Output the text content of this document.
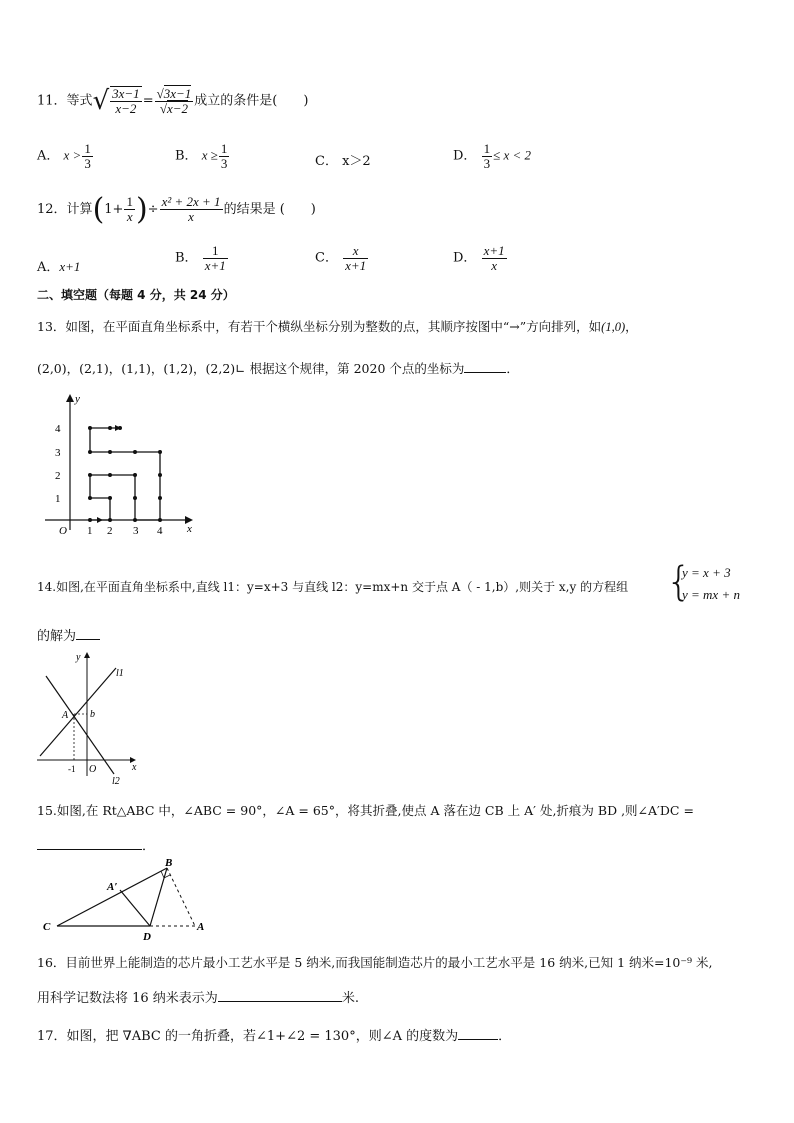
11．等式√ $\frac{3x-1}{x-2} = \frac{√3x-1}{√x-2}$ 成立的条件是(　　)
A． $x > \frac{1}{3}$	B． $x \ge \frac{1}{3}$	C． x＞2	D． $\frac{1}{3} \le x < 2$
12．计算($1+ \frac{1}{x}$ )÷ $\frac{\text{x² + 2x + 1}}{x}$ 的结果是 (　　)
A．x+1
B． $\frac{1}{x+1}$	C． $\frac{x}{x+1}$	D． $\frac{x+1}{x}$
二、填空题（每题 4 分，共 24 分）
13．如图，在平面直角坐标系中，有若干个横纵坐标分别为整数的点，其顺序按图中“→”方向排列，如(1,0)，
(2,0)，(2,1)，(1,1)，(1,2)，(2,2)∟ 根据这个规律，第 2020 个点的坐标为	．
x
y
O 1 2 3 4
1
2
3
4
14.如图,在平面直角坐标系中,直线 l1：y=x+3 与直线 l2：y=mx+n 交于点 A（ - 1,b）,则关于 x,y 的方程组 {
y = x + 3
y = mx + n
的解为
l1
l2
A b
-1 O	x
y
15.如图,在 Rt△ABC 中，∠ABC = 90°，∠A = 65°，将其折叠,使点 A 落在边 CB 上 A′ 处,折痕为 BD ,则∠A′DC =
．
C
B
A
D
A′
16．目前世界上能制造的芯片最小工艺水平是 5 纳米,而我国能制造芯片的最小工艺水平是 16 纳米,已知 1 纳米=10⁻⁹ 米,
用科学记数法将 16 纳米表示为	米.
17．如图，把 ∇ABC 的一角折叠，若∠1+∠2 = 130°，则∠A 的度数为	．
